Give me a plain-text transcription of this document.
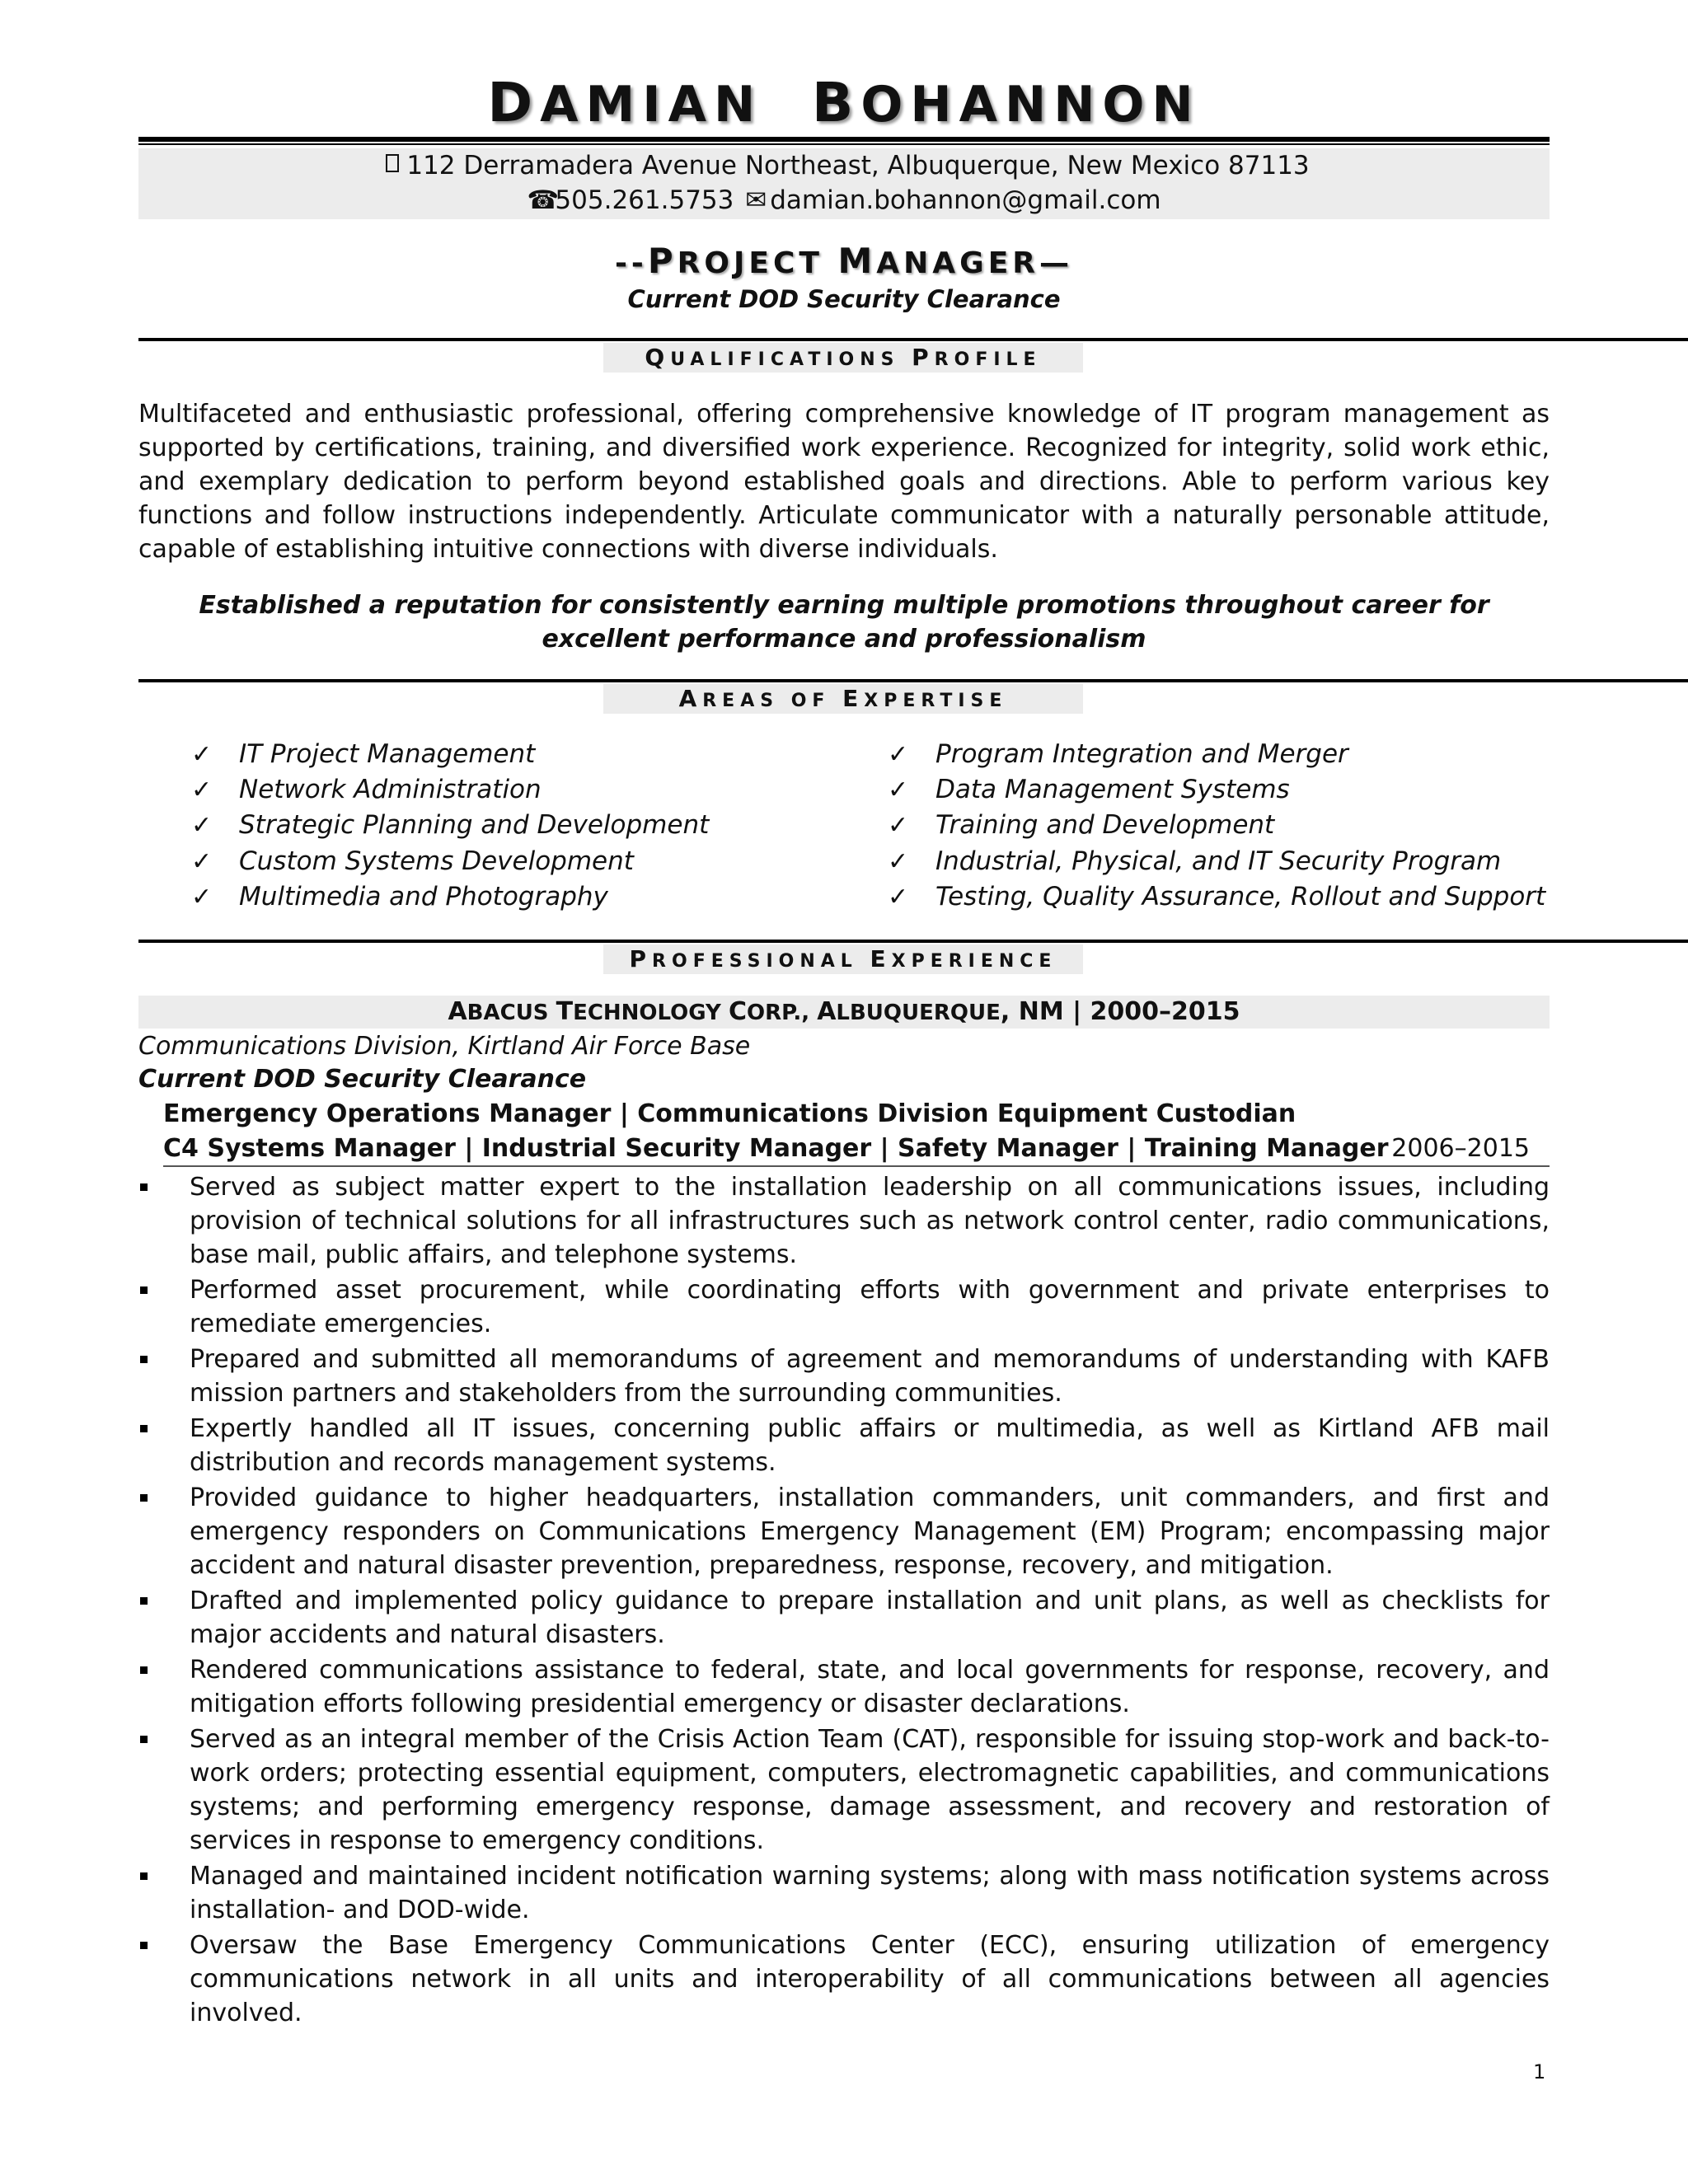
DAMIAN BOHANNON
112 Derramadera Avenue Northeast, Albuquerque, New Mexico 87113
☎505.261.5753 ✉ damian.bohannon@gmail.com
--PROJECT MANAGER—
Current DOD Security Clearance
QUALIFICATIONS PROFILE
Multifaceted and enthusiastic professional, offering comprehensive knowledge of IT program management as supported by certifications, training, and diversified work experience. Recognized for integrity, solid work ethic, and exemplary dedication to perform beyond established goals and directions. Able to perform various key functions and follow instructions independently. Articulate communicator with a naturally personable attitude, capable of establishing intuitive connections with diverse individuals.
Established a reputation for consistently earning multiple promotions throughout career for excellent performance and professionalism
AREAS OF EXPERTISE
✓ IT Project Management
✓ Network Administration
✓ Strategic Planning and Development
✓ Custom Systems Development
✓ Multimedia and Photography
✓ Program Integration and Merger
✓ Data Management Systems
✓ Training and Development
✓ Industrial, Physical, and IT Security Program
✓ Testing, Quality Assurance, Rollout and Support
PROFESSIONAL EXPERIENCE
ABACUS TECHNOLOGY CORP., ALBUQUERQUE, NM | 2000–2015
Communications Division, Kirtland Air Force Base
Current DOD Security Clearance
Emergency Operations Manager | Communications Division Equipment Custodian
C4 Systems Manager | Industrial Security Manager | Safety Manager | Training Manager 2006–2015
Served as subject matter expert to the installation leadership on all communications issues, including provision of technical solutions for all infrastructures such as network control center, radio communications, base mail, public affairs, and telephone systems.
Performed asset procurement, while coordinating efforts with government and private enterprises to remediate emergencies.
Prepared and submitted all memorandums of agreement and memorandums of understanding with KAFB mission partners and stakeholders from the surrounding communities.
Expertly handled all IT issues, concerning public affairs or multimedia, as well as Kirtland AFB mail distribution and records management systems.
Provided guidance to higher headquarters, installation commanders, unit commanders, and first and emergency responders on Communications Emergency Management (EM) Program; encompassing major accident and natural disaster prevention, preparedness, response, recovery, and mitigation.
Drafted and implemented policy guidance to prepare installation and unit plans, as well as checklists for major accidents and natural disasters.
Rendered communications assistance to federal, state, and local governments for response, recovery, and mitigation efforts following presidential emergency or disaster declarations.
Served as an integral member of the Crisis Action Team (CAT), responsible for issuing stop-work and back-to- work orders; protecting essential equipment, computers, electromagnetic capabilities, and communications systems; and performing emergency response, damage assessment, and recovery and restoration of services in response to emergency conditions.
Managed and maintained incident notification warning systems; along with mass notification systems across installation- and DOD-wide.
Oversaw the Base Emergency Communications Center (ECC), ensuring utilization of emergency communications network in all units and interoperability of all communications between all agencies involved.
1
